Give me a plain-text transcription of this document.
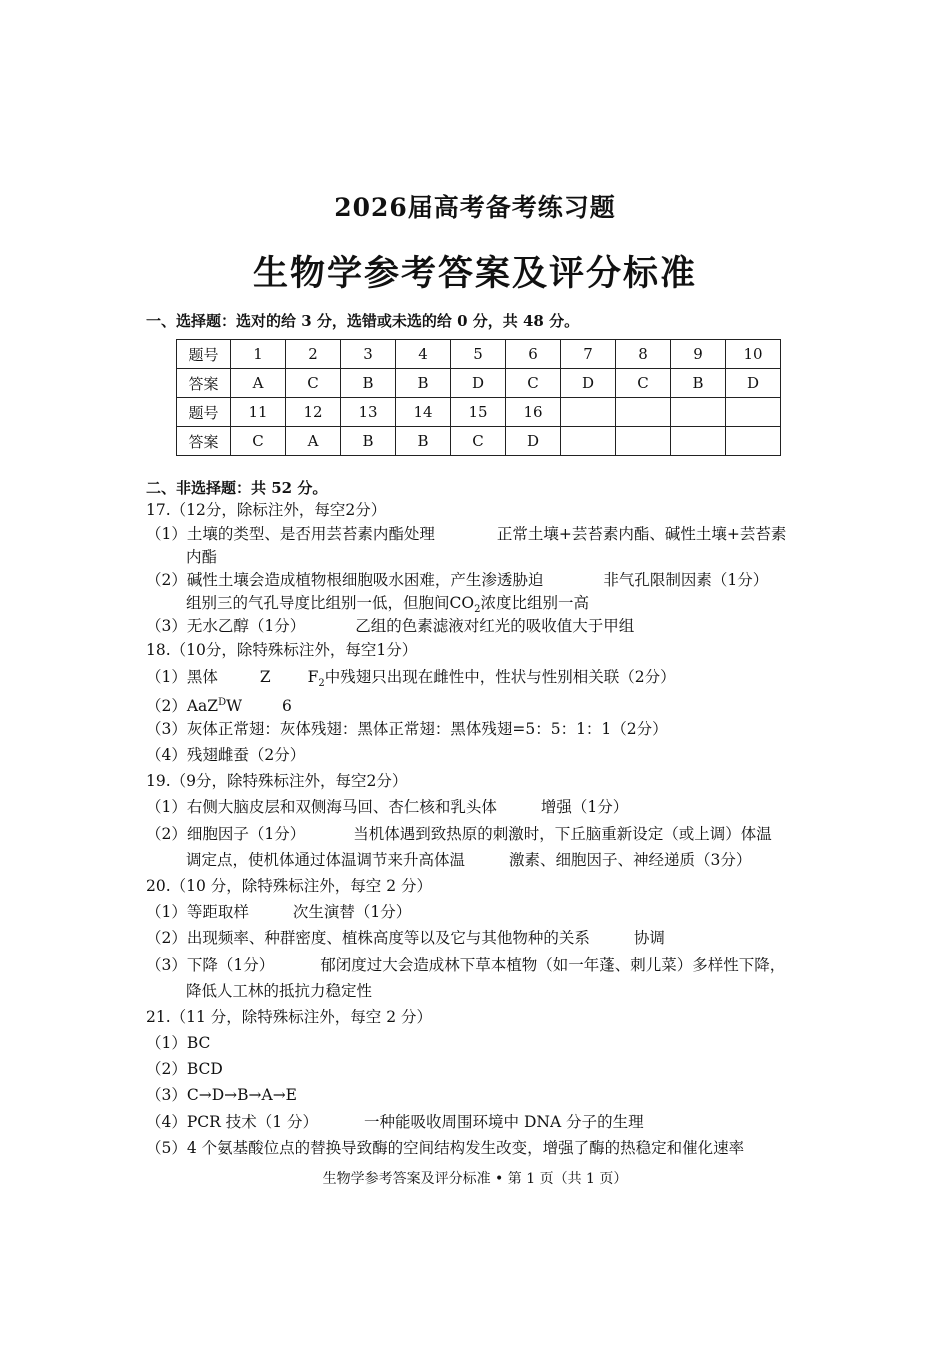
2026届高考备考练习题
生物学参考答案及评分标准
一、选择题：选对的给 3 分，选错或未选的给 0 分，共 48 分。
题号	1	2	3	4	5	6	7	8	9	10
答案	A	C	B	B	D	C	D	C	B	D
题号	11	12	13	14	15	16				
答案	C	A	B	B	C	D				
二、非选择题：共 52 分。
17.（12分，除标注外，每空2分）
（1）土壤的类型、是否用芸苔素内酯处理	正常土壤+芸苔素内酯、碱性土壤+芸苔素
内酯
（2）碱性土壤会造成植物根细胞吸水困难，产生渗透胁迫	非气孔限制因素（1分）
组别三的气孔导度比组别一低，但胞间$CO_2$浓度比组别一高
（3）无水乙醇（1分）	乙组的色素滤液对红光的吸收值大于甲组
18.（10分，除特殊标注外，每空1分）
（1）黑体	Z $F_2$中残翅只出现在雌性中，性状与性别相关联（2分）
（2）AaZ$^D$W	6
（3）灰体正常翅：灰体残翅：黑体正常翅：黑体残翅=5：5：1：1（2分）
（4）残翅雌蚕（2分）
19.（9分，除特殊标注外，每空2分）
（1）右侧大脑皮层和双侧海马回、杏仁核和乳头体	增强（1分）
（2）细胞因子（1分）	当机体遇到致热原的刺激时，下丘脑重新设定（或上调）体温
调定点，使机体通过体温调节来升高体温	激素、细胞因子、神经递质（3分）
20.（10 分，除特殊标注外，每空 2 分）
（1）等距取样	次生演替（1分）
（2）出现频率、种群密度、植株高度等以及它与其他物种的关系	协调
（3）下降（1分）	郁闭度过大会造成林下草本植物（如一年蓬、刺儿菜）多样性下降，
降低人工林的抵抗力稳定性
21.（11 分，除特殊标注外，每空 2 分）
（1）BC
（2）BCD
（3）C→D→B→A→E
（4）PCR 技术（1 分）	一种能吸收周围环境中 DNA 分子的生理
（5）4 个氨基酸位点的替换导致酶的空间结构发生改变，增强了酶的热稳定和催化速率
生物学参考答案及评分标准 • 第 1 页（共 1 页）
